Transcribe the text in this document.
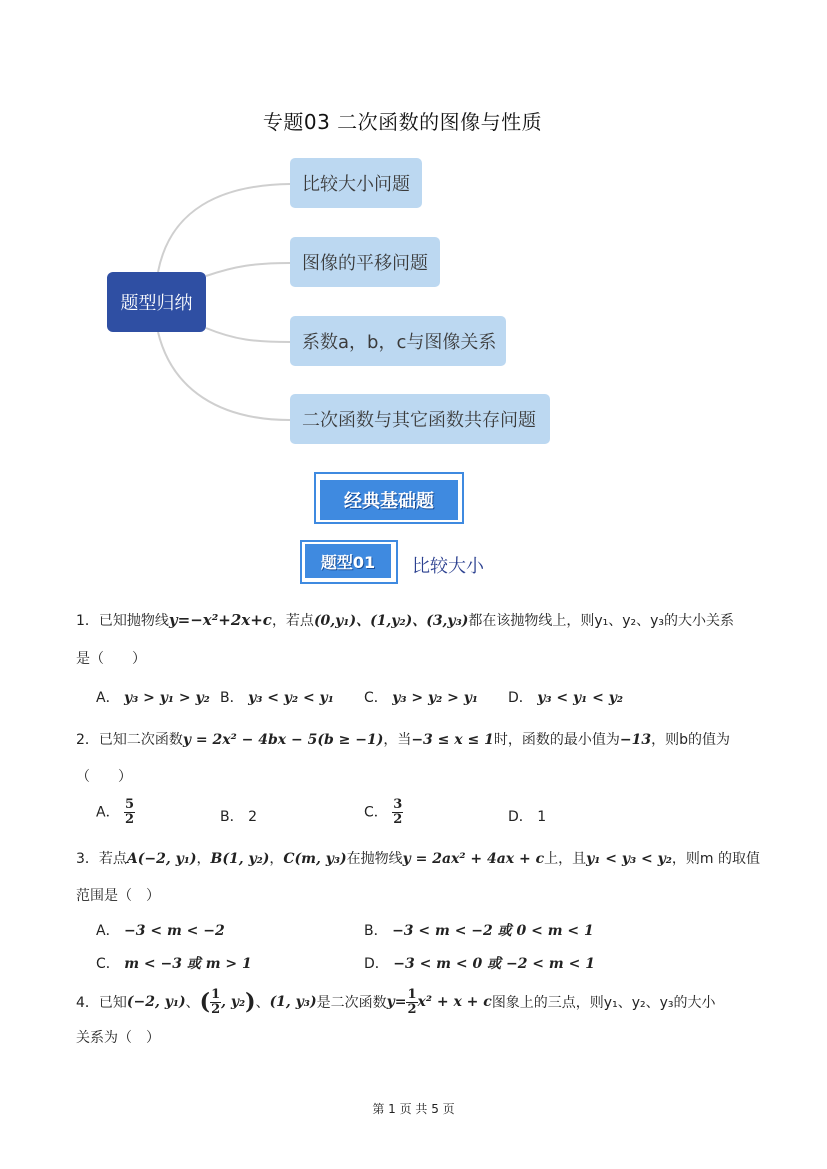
专题03 二次函数的图像与性质
题型归纳
比较大小问题
图像的平移问题
系数a，b，c与图像关系
二次函数与其它函数共存问题
经典基础题
题型01	比较大小
1．已知抛物线y=−x²+2x+c，若点(0,y₁)、(1,y₂)、(3,y₃)都在该抛物线上，则y₁、y₂、y₃的大小关系
是（　　）
A． y₃ > y₁ > y₂ B． y₃ < y₂ < y₁ C． y₃ > y₂ > y₁ D． y₃ < y₁ < y₂
2．已知二次函数y = 2x² − 4bx − 5(b ≥ −1)，当−3 ≤ x ≤ 1时，函数的最小值为−13，则b的值为
（　　）
A． $\frac{5}{2}$	B． 2	C． $\frac{3}{2}$	D． 1
3．若点A(−2, y₁)，B(1, y₂)，C(m, y₃)在抛物线y = 2ax² + 4ax + c上，且y₁ < y₃ < y₂，则m 的取值
范围是（　）
A． −3 < m < −2	B． −3 < m < −2 或 0 < m < 1
C． m < −3 或 m > 1	D． −3 < m < 0 或 −2 < m < 1
4．已知 (−2, y₁) 、 ( $\frac{1}{2}$ , y₂ ) 、 (1, y₃) 是二次函数 $y= \frac{1}{2} x^2 + x + c$ 图象上的三点，则y₁、y₂、y₃的大小
关系为（　）
第 1 页 共 5 页
